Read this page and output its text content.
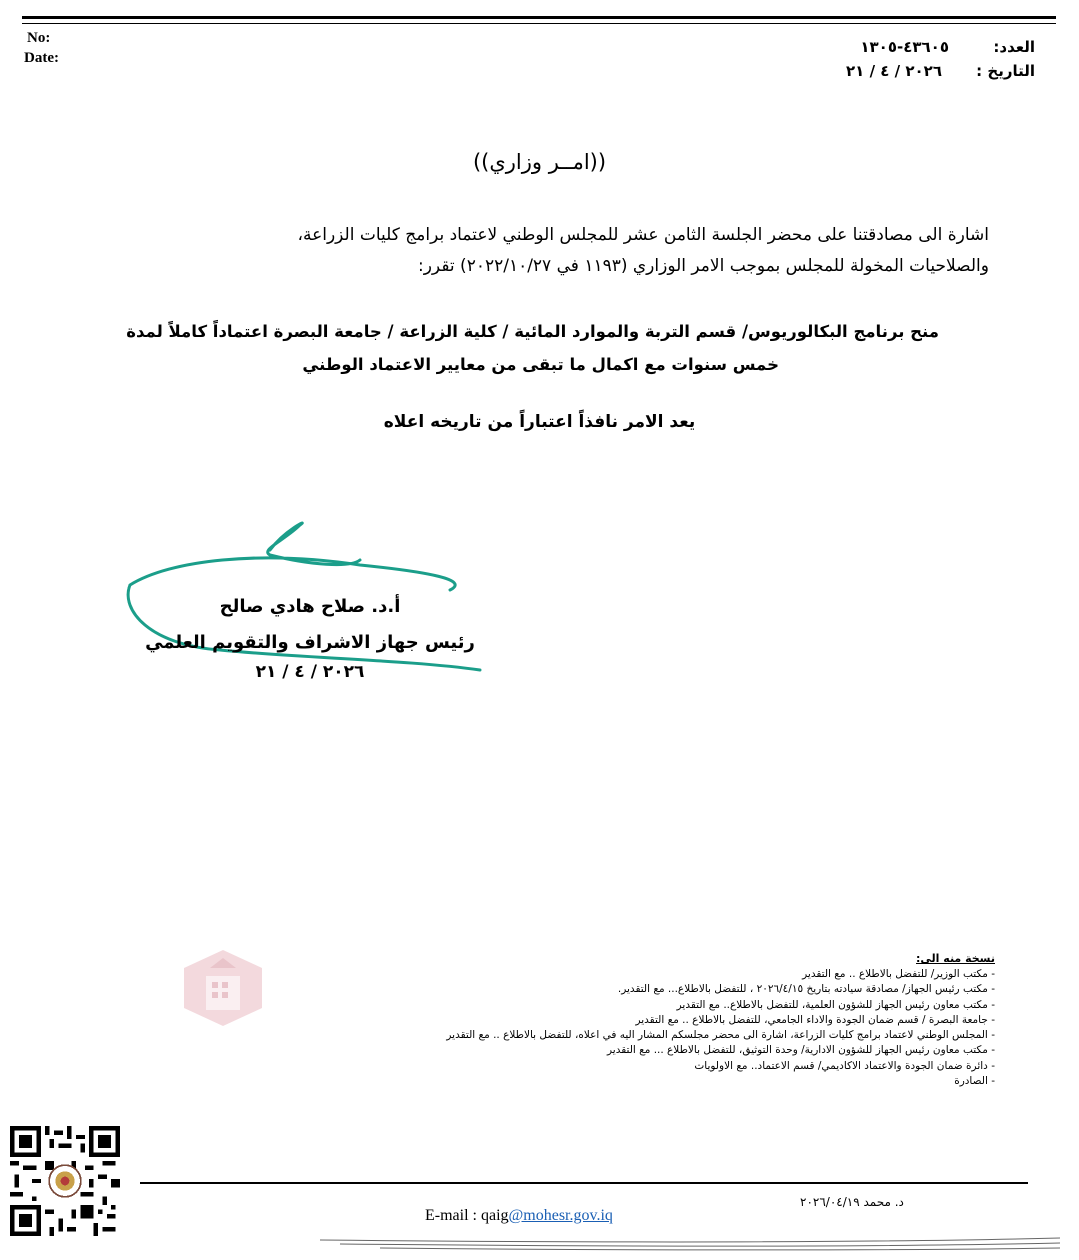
No:
Date:
العدد:
٤٣٦٠٥-١٣٠٥
التاريخ :
٢٠٢٦ / ٤ / ٢١
((امــر وزاري))
اشارة الى مصادقتنا على محضر الجلسة الثامن عشر للمجلس الوطني لاعتماد برامج كليات الزراعة،
والصلاحيات المخولة للمجلس بموجب الامر الوزاري (١١٩٣ في ٢٠٢٢/١٠/٢٧) تقرر:
منح برنامج البكالوريوس/ قسم التربة والموارد المائية / كلية الزراعة / جامعة البصرة اعتماداً كاملاً لمدة
خمس سنوات مع اكمال ما تبقى من معايير الاعتماد الوطني
يعد الامر نافذاً اعتباراً من تاريخه اعلاه
أ.د. صلاح هادي صالح
رئيس جهاز الاشراف والتقويم العلمي
٢٠٢٦ / ٤ / ٢١
نسخة منه الى:
- مكتب الوزير/ للتفضل بالاطلاع .. مع التقدير
- مكتب رئيس الجهاز/ مصادقة سيادته بتاريخ ٢٠٢٦/٤/١٥ ، للتفضل بالاطلاع... مع التقدير.
- مكتب معاون رئيس الجهاز للشؤون العلمية، للتفضل بالاطلاع.. مع التقدير
- جامعة البصرة / قسم ضمان الجودة والاداء الجامعي، للتفضل بالاطلاع .. مع التقدير
- المجلس الوطني لاعتماد برامج كليات الزراعة، اشارة الى محضر مجلسكم المشار اليه في اعلاه، للتفضل بالاطلاع .. مع التقدير
- مكتب معاون رئيس الجهاز للشؤون الادارية/ وحدة التوثيق، للتفضل بالاطلاع ... مع التقدير
- دائرة ضمان الجودة والاعتماد الاكاديمي/ قسم الاعتماد.. مع الاولويات
- الصادرة
E-mail : qaig@mohesr.gov.iq
د. محمد ٢٠٢٦/٠٤/١٩
